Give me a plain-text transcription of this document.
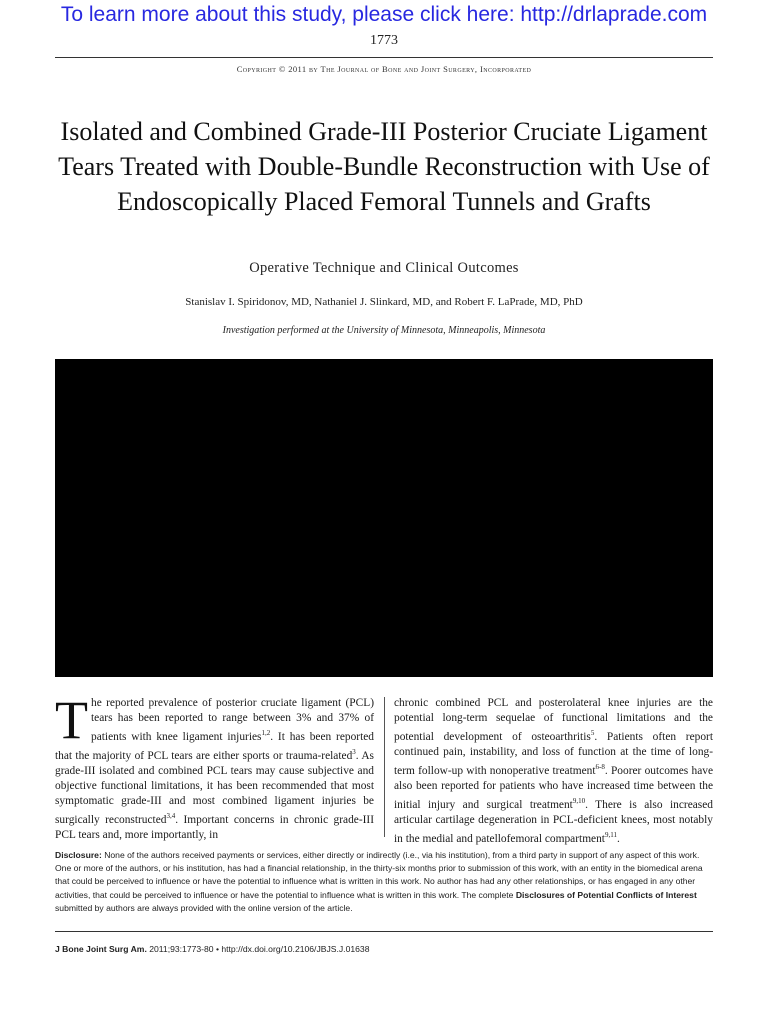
To learn more about this study, please click here: http://drlaprade.com
1773
Copyright © 2011 by The Journal of Bone and Joint Surgery, Incorporated
Isolated and Combined Grade-III Posterior Cruciate Ligament Tears Treated with Double-Bundle Reconstruction with Use of Endoscopically Placed Femoral Tunnels and Grafts
Operative Technique and Clinical Outcomes
Stanislav I. Spiridonov, MD, Nathaniel J. Slinkard, MD, and Robert F. LaPrade, MD, PhD
Investigation performed at the University of Minnesota, Minneapolis, Minnesota
The reported prevalence of posterior cruciate ligament (PCL) tears has been reported to range between 3% and 37% of patients with knee ligament injuries$^{1,2}$. It has been reported that the majority of PCL tears are either sports or trauma-related$^3$. As grade-III isolated and combined PCL tears may cause subjective and objective functional limitations, it has been recommended that most symptomatic grade-III and most combined ligament injuries be surgically reconstructed$^{3,4}$. Important concerns in chronic grade-III PCL tears and, more importantly, in
chronic combined PCL and posterolateral knee injuries are the potential long-term sequelae of functional limitations and the potential development of osteoarthritis$^5$. Patients often report continued pain, instability, and loss of function at the time of long-term follow-up with nonoperative treatment$^{6-8}$. Poorer outcomes have also been reported for patients who have increased time between the initial injury and surgical treatment$^{9,10}$. There is also increased articular cartilage degeneration in PCL-deficient knees, most notably in the medial and patellofemoral compartment$^{9,11}$.
Disclosure: None of the authors received payments or services, either directly or indirectly (i.e., via his institution), from a third party in support of any aspect of this work. One or more of the authors, or his institution, has had a financial relationship, in the thirty-six months prior to submission of this work, with an entity in the biomedical arena that could be perceived to influence or have the potential to influence what is written in this work. No author has had any other relationships, or has engaged in any other activities, that could be perceived to influence or have the potential to influence what is written in this work. The complete Disclosures of Potential Conflicts of Interest submitted by authors are always provided with the online version of the article.
J Bone Joint Surg Am. 2011;93:1773-80 • http://dx.doi.org/10.2106/JBJS.J.01638
